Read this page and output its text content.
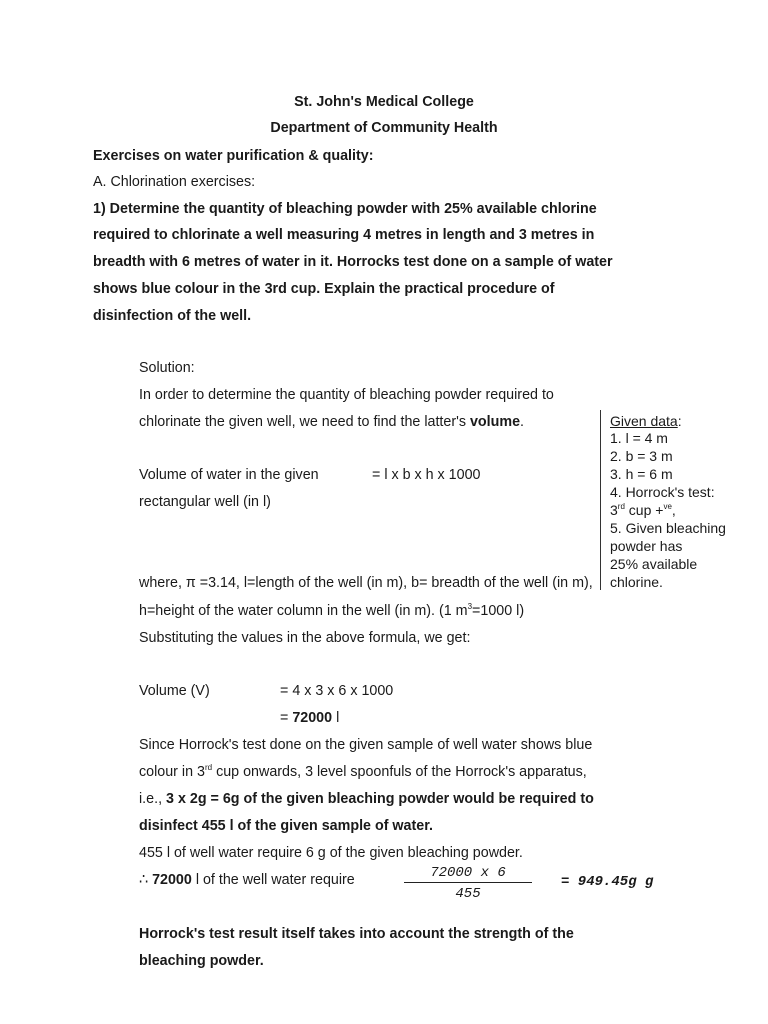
St. John's Medical College
Department of Community Health
Exercises on water purification & quality:
A. Chlorination exercises:
1) Determine the quantity of bleaching powder with 25% available chlorine
required to chlorinate a well measuring 4 metres in length and 3 metres in
breadth with 6 metres of water in it. Horrocks test done on a sample of water
shows blue colour in the 3rd cup. Explain the practical procedure of
disinfection of the well.
Solution:
In order to determine the quantity of bleaching powder required to
chlorinate the given well, we need to find the latter's volume.
Volume of water in the given	= l x b x h x 1000
rectangular well (in l)
where, π =3.14, l=length of the well (in m), b= breadth of the well (in m),
h=height of the water column in the well (in m). (1 $m^3=1000$ l)
Substituting the values in the above formula, we get:
Volume (V)	= 4 x 3 x 6 x 1000
= 72000 l
Since Horrock's test done on the given sample of well water shows blue
colour in 3rd cup onwards, 3 level spoonfuls of the Horrock's apparatus,
i.e., 3 x 2g = 6g of the given bleaching powder would be required to
disinfect 455 l of the given sample of water.
455 l of well water require 6 g of the given bleaching powder.
∴ 72000 l of the well water require	72000 x 6
455
= 949.45g g
Horrock's test result itself takes into account the strength of the
bleaching powder.
Given data:
1. l = 4 m
2. b = 3 m
3. h = 6 m
4. Horrock's test:
3rd cup +$^{ve}$,
5. Given bleaching
powder has
25% available
chlorine.
